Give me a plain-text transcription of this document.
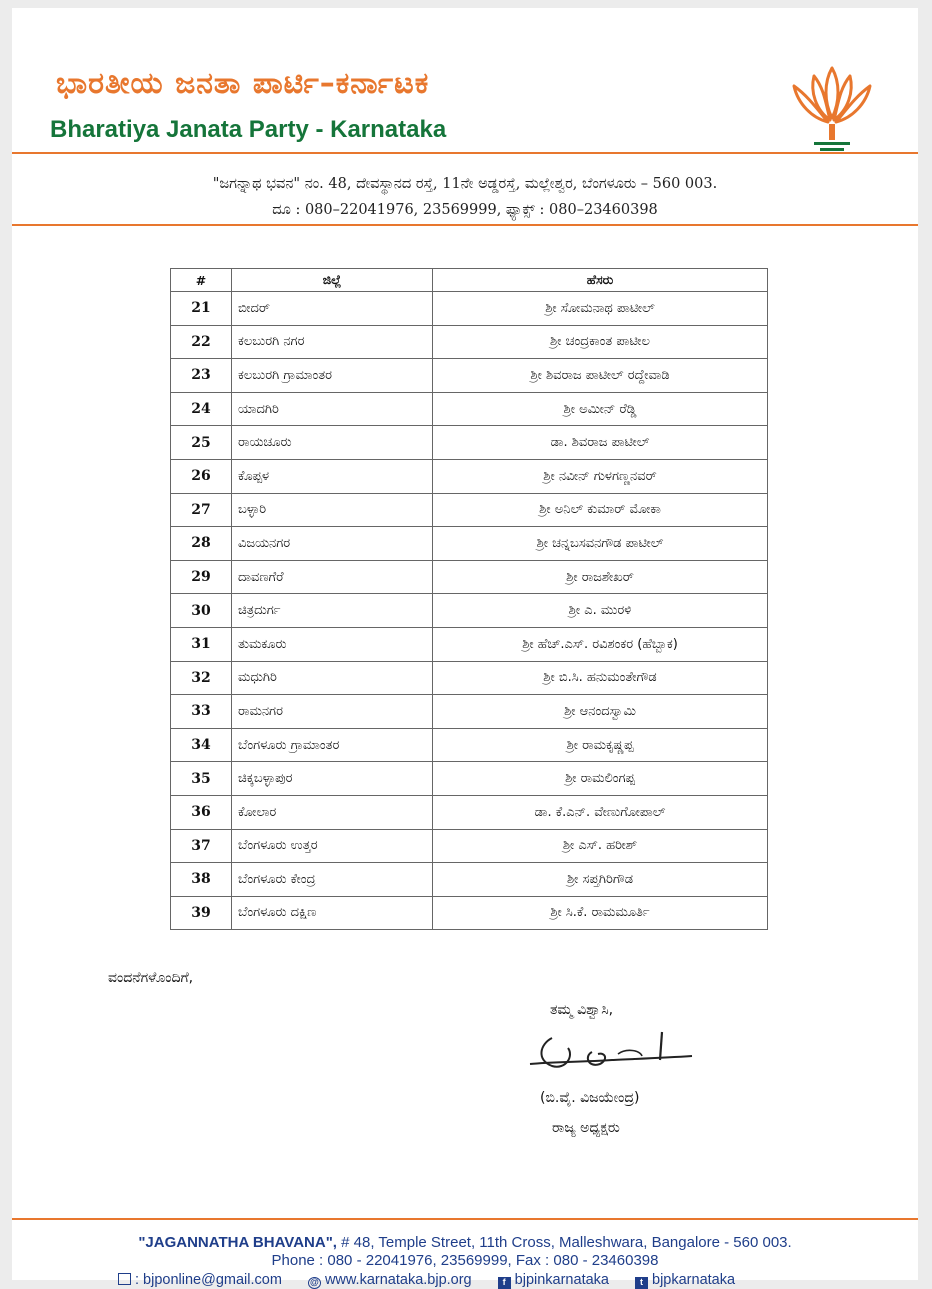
ಭಾರತೀಯ ಜನತಾ ಪಾರ್ಟಿ–ಕರ್ನಾಟಕ
Bharatiya Janata Party - Karnataka
"ಜಗನ್ನಾಥ ಭವನ" ನಂ. 48, ದೇವಸ್ಥಾನದ ರಸ್ತೆ, 11ನೇ ಅಡ್ಡರಸ್ತೆ, ಮಲ್ಲೇಶ್ವರ, ಬೆಂಗಳೂರು – 560 003.
ದೂ : 080–22041976, 23569999, ಫ್ಯಾಕ್ಸ್ : 080–23460398
#	ಜಿಲ್ಲೆ	ಹೆಸರು
21	ಬೀದರ್	ಶ್ರೀ ಸೋಮನಾಥ ಪಾಟೀಲ್
22	ಕಲಬುರಗಿ ನಗರ	ಶ್ರೀ ಚಂದ್ರಕಾಂತ ಪಾಟೀಲ
23	ಕಲಬುರಗಿ ಗ್ರಾಮಾಂತರ	ಶ್ರೀ ಶಿವರಾಜ ಪಾಟೀಲ್ ರದ್ದೇವಾಡಿ
24	ಯಾದಗಿರಿ	ಶ್ರೀ ಅಮೀನ್ ರೆಡ್ಡಿ
25	ರಾಯಚೂರು	ಡಾ. ಶಿವರಾಜ ಪಾಟೀಲ್
26	ಕೊಪ್ಪಳ	ಶ್ರೀ ನವೀನ್ ಗುಳಗಣ್ಣನವರ್
27	ಬಳ್ಳಾರಿ	ಶ್ರೀ ಅನಿಲ್ ಕುಮಾರ್ ಮೋಕಾ
28	ವಿಜಯನಗರ	ಶ್ರೀ ಚನ್ನಬಸವನಗೌಡ ಪಾಟೀಲ್
29	ದಾವಣಗೆರೆ	ಶ್ರೀ ರಾಜಶೇಖರ್
30	ಚಿತ್ರದುರ್ಗ	ಶ್ರೀ ಎ. ಮುರಳಿ
31	ತುಮಕೂರು	ಶ್ರೀ ಹೆಚ್.ಎಸ್. ರವಿಶಂಕರ (ಹೆಬ್ಬಾಕ)
32	ಮಧುಗಿರಿ	ಶ್ರೀ ಬಿ.ಸಿ. ಹನುಮಂತೇಗೌಡ
33	ರಾಮನಗರ	ಶ್ರೀ ಆನಂದಸ್ವಾಮಿ
34	ಬೆಂಗಳೂರು ಗ್ರಾಮಾಂತರ	ಶ್ರೀ ರಾಮಕೃಷ್ಣಪ್ಪ
35	ಚಿಕ್ಕಬಳ್ಳಾಪುರ	ಶ್ರೀ ರಾಮಲಿಂಗಪ್ಪ
36	ಕೋಲಾರ	ಡಾ. ಕೆ.ಎನ್. ವೇಣುಗೋಪಾಲ್
37	ಬೆಂಗಳೂರು ಉತ್ತರ	ಶ್ರೀ ಎಸ್. ಹರೀಶ್
38	ಬೆಂಗಳೂರು ಕೇಂದ್ರ	ಶ್ರೀ ಸಪ್ತಗಿರಿಗೌಡ
39	ಬೆಂಗಳೂರು ದಕ್ಷಿಣ	ಶ್ರೀ ಸಿ.ಕೆ. ರಾಮಮೂರ್ತಿ
ವಂದನೆಗಳೊಂದಿಗೆ,
ತಮ್ಮ ವಿಶ್ವಾಸಿ,
(ಬಿ.ವೈ. ವಿಜಯೇಂದ್ರ)
ರಾಜ್ಯ ಅಧ್ಯಕ್ಷರು
"JAGANNATHA BHAVANA", # 48, Temple Street, 11th Cross, Malleshwara, Bangalore - 560 003.
Phone : 080 - 22041976, 23569999, Fax : 080 - 23460398
: bjponline@gmail.com	@ www.karnataka.bjp.org	f bjpinkarnataka	t bjpkarnataka
